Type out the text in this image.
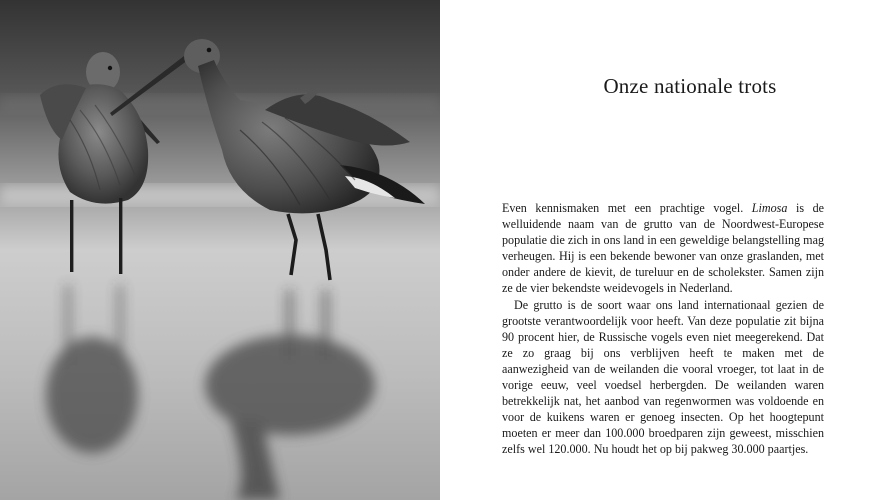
Onze nationale trots

Even kennismaken met een prachtige vogel. Limosa is de welluidende naam van de grutto van de Noordwest-Europese populatie die zich in ons land in een geweldige belangstelling mag verheugen. Hij is een bekende bewoner van onze graslanden, met onder andere de kievit, de tureluur en de scholekster. Samen zijn ze de vier bekendste weidevogels in Nederland.

De grutto is de soort waar ons land internationaal gezien de grootste verantwoordelijk voor heeft. Van deze populatie zit bijna 90 procent hier, de Russische vogels even niet meegerekend. Dat ze zo graag bij ons verblijven heeft te maken met de aanwezigheid van de weilanden die vooral vroeger, tot laat in de vorige eeuw, veel voedsel herbergden. De weilanden waren betrekkelijk nat, het aanbod van regenwormen was voldoende en voor de kuikens waren er genoeg insecten. Op het hoogtepunt moeten er meer dan 100.000 broedparen zijn geweest, misschien zelfs wel 120.000. Nu houdt het op bij pakweg 30.000 paartjes.
